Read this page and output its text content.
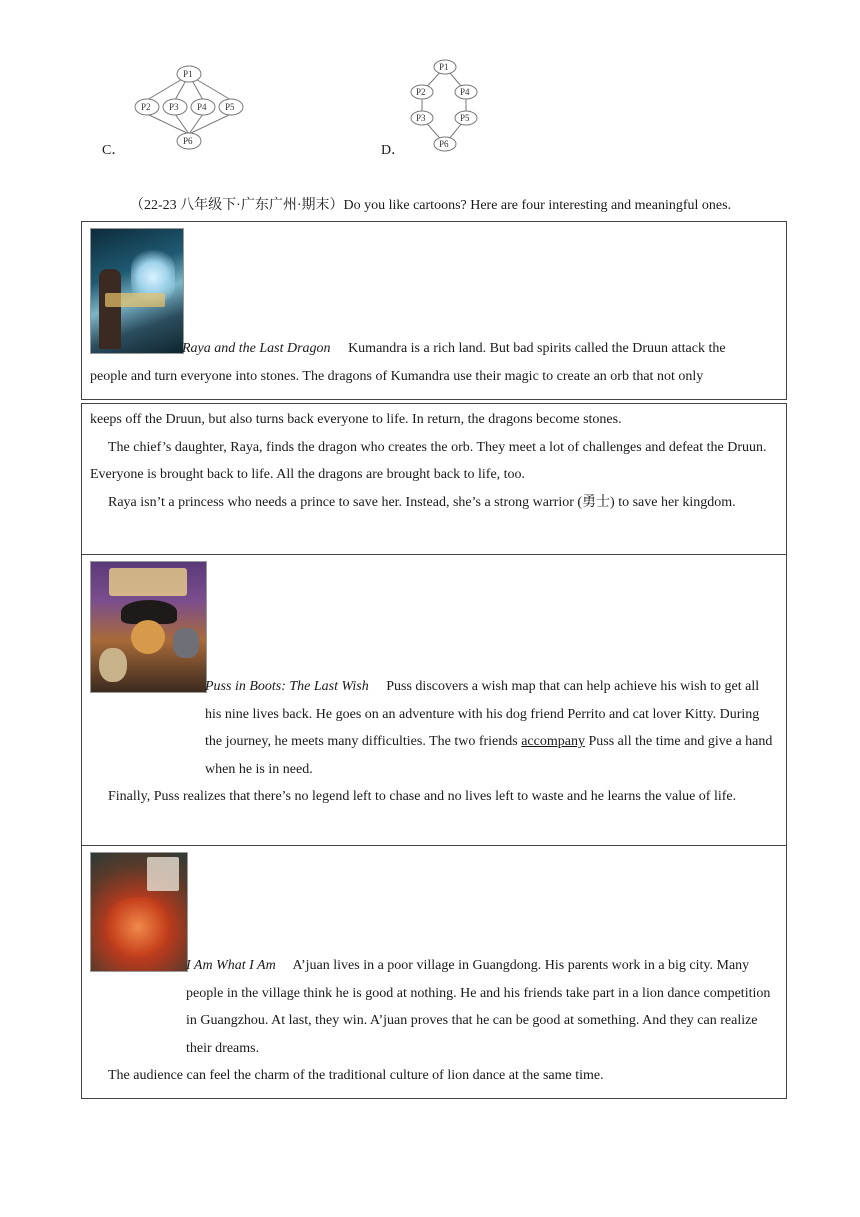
P1
P2 P3 P4 P5
P6
C．
P1
P2	P4
P3	P5
P6
D．
（22-23 八年级下·广东广州·期末）Do you like cartoons? Here are four interesting and meaningful ones.

Raya and the Last Dragon Kumandra is a rich land. But bad spirits called the Druun attack the

people and turn everyone into stones. The dragons of Kumandra use their magic to create an orb that not only

keeps off the Druun, but also turns back everyone to life. In return, the dragons become stones.

The chief’s daughter, Raya, finds the dragon who creates the orb. They meet a lot of challenges and defeat the Druun. Everyone is brought back to life. All the dragons are brought back to life, too.

Raya isn’t a princess who needs a prince to save her. Instead, she’s a strong warrior (勇士) to save her kingdom.

Puss in Boots: The Last Wish Puss discovers a wish map that can help achieve his wish to get all his nine lives back. He goes on an adventure with his dog friend Perrito and cat lover Kitty. During the journey, he meets many difficulties. The two friends accompany Puss all the time and give a hand when he is in need.

Finally, Puss realizes that there’s no legend left to chase and no lives left to waste and he learns the value of life.

I Am What I Am A’juan lives in a poor village in Guangdong. His parents work in a big city. Many people in the village think he is good at nothing. He and his friends take part in a lion dance competition in Guangzhou. At last, they win. A’juan proves that he can be good at something. And they can realize their dreams.

The audience can feel the charm of the traditional culture of lion dance at the same time.
